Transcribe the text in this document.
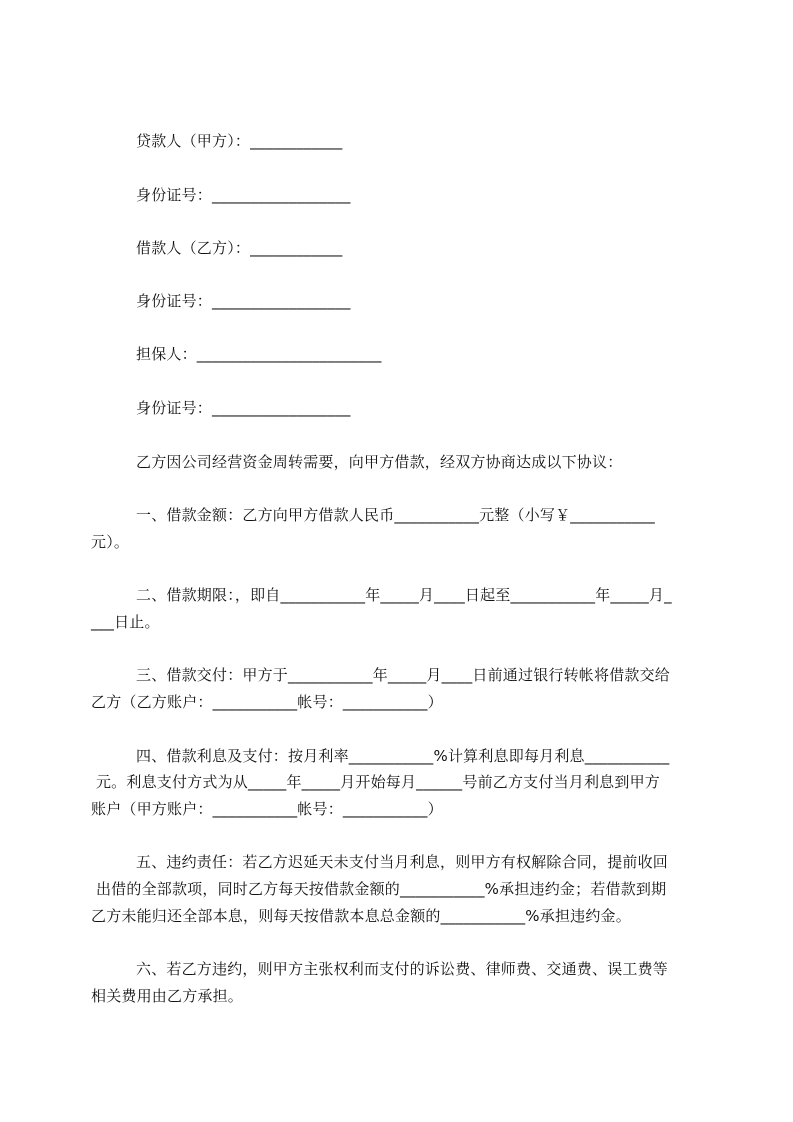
贷款人（甲方）：____________
身份证号：__________________
借款人（乙方）：____________
身份证号：__________________
担保人：________________________
身份证号：__________________
乙方因公司经营资金周转需要，向甲方借款，经双方协商达成以下协议：
一、借款金额：乙方向甲方借款人民币___________元整（小写￥___________
元）。
二、借款期限：，即自___________年_____月____日起至___________年_____月_
___日止。
三、借款交付：甲方于___________年_____月____日前通过银行转帐将借款交给
乙方（乙方账户：___________帐号：___________）
四、借款利息及支付：按月利率___________%计算利息即每月利息___________
元。利息支付方式为从_____年_____月开始每月______号前乙方支付当月利息到甲方
账户（甲方账户：___________帐号：___________）
五、违约责任：若乙方迟延天未支付当月利息，则甲方有权解除合同，提前收回
出借的全部款项，同时乙方每天按借款金额的___________%承担违约金；若借款到期
乙方未能归还全部本息，则每天按借款本息总金额的___________%承担违约金。
六、若乙方违约，则甲方主张权利而支付的诉讼费、律师费、交通费、误工费等
相关费用由乙方承担。
